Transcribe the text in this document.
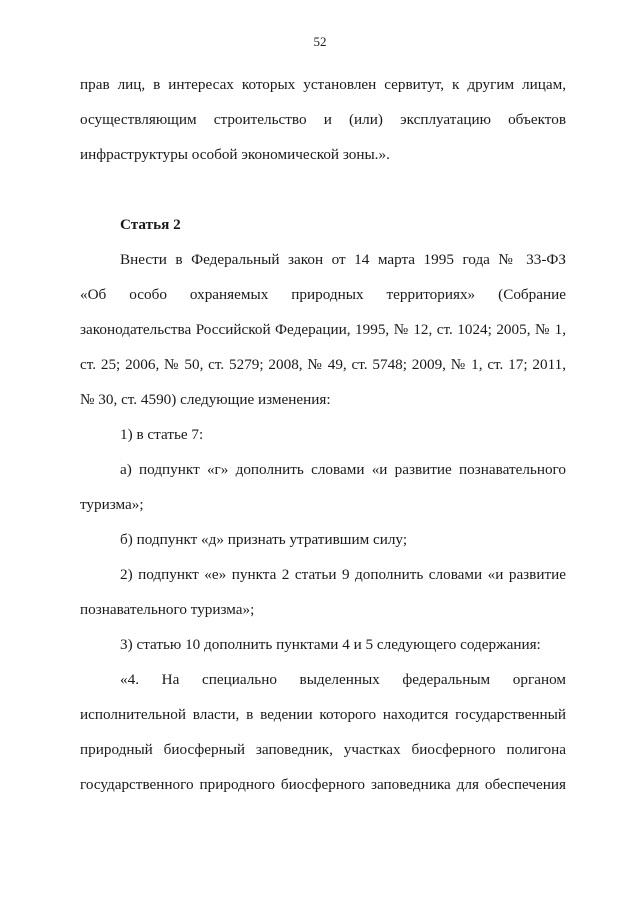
52
прав лиц, в интересах которых установлен сервитут, к другим лицам,
осуществляющим строительство и (или) эксплуатацию объектов
инфраструктуры особой экономической зоны.».
Статья 2
Внести в Федеральный закон от 14 марта 1995 года № 33-ФЗ
«Об особо охраняемых природных территориях» (Собрание
законодательства Российской Федерации, 1995, № 12, ст. 1024; 2005, № 1,
ст. 25; 2006, № 50, ст. 5279; 2008, № 49, ст. 5748; 2009, № 1, ст. 17; 2011,
№ 30, ст. 4590) следующие изменения:
1) в статье 7:
а) подпункт «г» дополнить словами «и развитие познавательного
туризма»;
б) подпункт «д» признать утратившим силу;
2) подпункт «е» пункта 2 статьи 9 дополнить словами «и развитие
познавательного туризма»;
3) статью 10 дополнить пунктами 4 и 5 следующего содержания:
«4. На специально выделенных федеральным органом
исполнительной власти, в ведении которого находится государственный
природный биосферный заповедник, участках биосферного полигона
государственного природного биосферного заповедника для обеспечения
